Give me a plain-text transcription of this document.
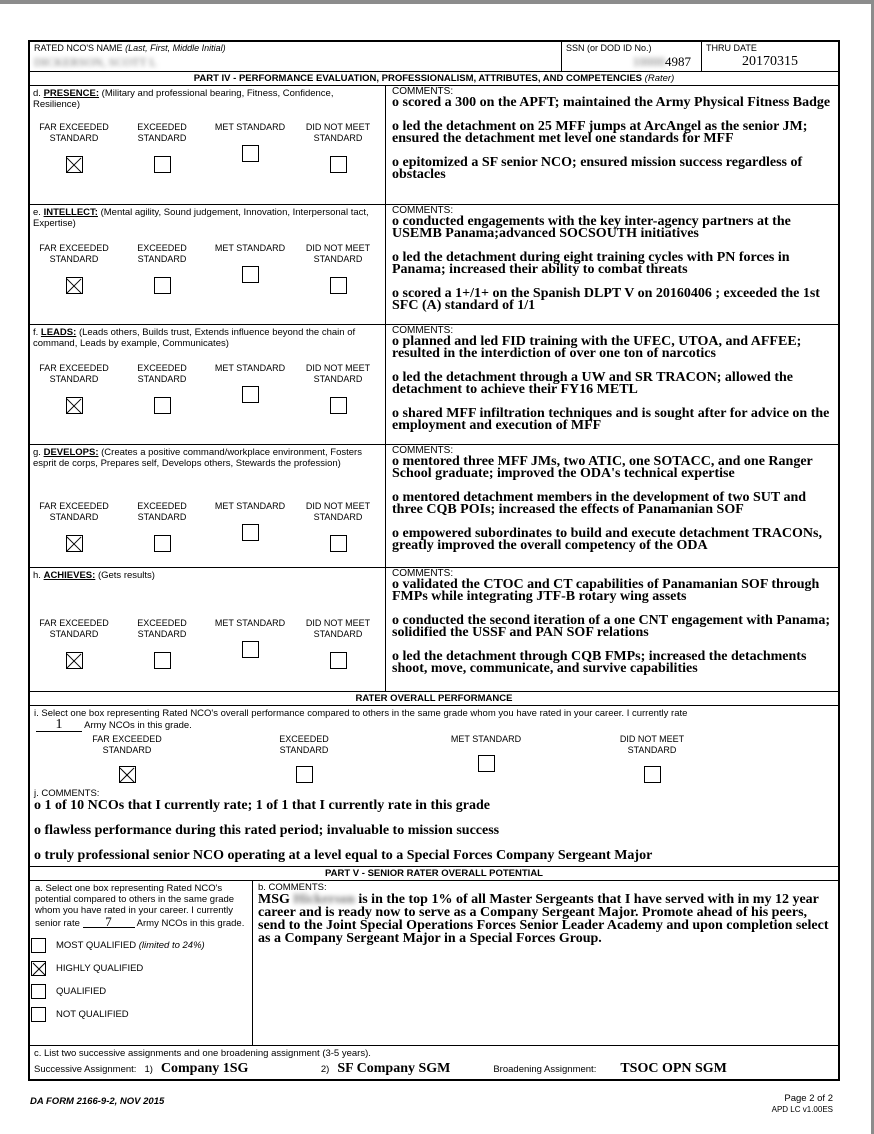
RATED NCO'S NAME (Last, First, Middle Initial)
DICKERSON, SCOTT L
SSN (or DOD ID No.)
100004987
THRU DATE
20170315
PART IV - PERFORMANCE EVALUATION, PROFESSIONALISM, ATTRIBUTES, AND COMPETENCIES (Rater)
d. PRESENCE: (Military and professional bearing, Fitness, Confidence, Resilience)
FAR EXCEEDED STANDARD
EXCEEDED STANDARD
MET STANDARD	DID NOT MEET STANDARD
COMMENTS:
o scored a 300 on the APFT; maintained the Army Physical Fitness Badge
o led the detachment on 25 MFF jumps at ArcAngel as the senior JM; ensured the detachment met level one standards for MFF
o epitomized a SF senior NCO; ensured mission success regardless of obstacles
e. INTELLECT: (Mental agility, Sound judgement, Innovation, Interpersonal tact, Expertise)
FAR EXCEEDED STANDARD
EXCEEDED STANDARD
MET STANDARD	DID NOT MEET STANDARD
COMMENTS:
o conducted engagements with the key inter-agency partners at the USEMB Panama;advanced SOCSOUTH initiatives
o led the detachment during eight training cycles with PN forces in Panama; increased their ability to combat threats
o scored a 1+/1+ on the Spanish DLPT V on 20160406 ; exceeded the 1st SFC (A) standard of 1/1
f. LEADS: (Leads others, Builds trust, Extends influence beyond the chain of command, Leads by example, Communicates)
FAR EXCEEDED STANDARD
EXCEEDED STANDARD
MET STANDARD	DID NOT MEET STANDARD
COMMENTS:
o planned and led FID training with the UFEC, UTOA, and AFFEE; resulted in the interdiction of over one ton of narcotics
o led the detachment through a UW and SR TRACON; allowed the detachment to achieve their FY16 METL
o shared MFF infiltration techniques and is sought after for advice on the employment and execution of MFF
g. DEVELOPS: (Creates a positive command/workplace environment, Fosters esprit de corps, Prepares self, Develops others, Stewards the profession)
FAR EXCEEDED STANDARD
EXCEEDED STANDARD
MET STANDARD	DID NOT MEET STANDARD
COMMENTS:
o mentored three MFF JMs, two ATIC, one SOTACC, and one Ranger School graduate; improved the ODA's technical expertise
o mentored detachment members in the development of two SUT and three CQB POIs; increased the effects of Panamanian SOF
o empowered subordinates to build and execute detachment TRACONs, greatly improved the overall competency of the ODA
h. ACHIEVES: (Gets results)
FAR EXCEEDED STANDARD
EXCEEDED STANDARD
MET STANDARD	DID NOT MEET STANDARD
COMMENTS:
o validated the CTOC and CT capabilities of Panamanian SOF through FMPs while integrating JTF-B rotary wing assets
o conducted the second iteration of a one CNT engagement with Panama; solidified the USSF and PAN SOF relations
o led the detachment through CQB FMPs; increased the detachments shoot, move, communicate, and survive capabilities
RATER OVERALL PERFORMANCE
i. Select one box representing Rated NCO's overall performance compared to others in the same grade whom you have rated in your career. I currently rate
1 Army NCOs in this grade.
FAR EXCEEDED STANDARD
EXCEEDED STANDARD
MET STANDARD	DID NOT MEET STANDARD
j. COMMENTS:
o 1 of 10 NCOs that I currently rate; 1 of 1 that I currently rate in this grade
o flawless performance during this rated period; invaluable to mission success
o truly professional senior NCO operating at a level equal to a Special Forces Company Sergeant Major
PART V - SENIOR RATER OVERALL POTENTIAL
a. Select one box representing Rated NCO's potential compared to others in the same grade whom you have rated in your career. I currently senior rate 7	Army NCOs in this grade.
MOST QUALIFIED
(limited to 24%)
HIGHLY QUALIFIED
QUALIFIED
NOT QUALIFIED
b. COMMENTS:
MSG Hickerson is in the top 1% of all Master Sergeants that I have served with in my 12 year career and is ready now to serve as a Company Sergeant Major. Promote ahead of his peers, send to the Joint Special Operations Forces Senior Leader Academy and upon completion select as a Company Sergeant Major in a Special Forces Group.
c. List two successive assignments and one broadening assignment (3-5 years).
Successive Assignment: 1) Company 1SG	2) SF Company SGM	Broadening Assignment: TSOC OPN SGM
DA FORM 2166-9-2, NOV 2015	Page 2 of 2
APD LC v1.00ES
